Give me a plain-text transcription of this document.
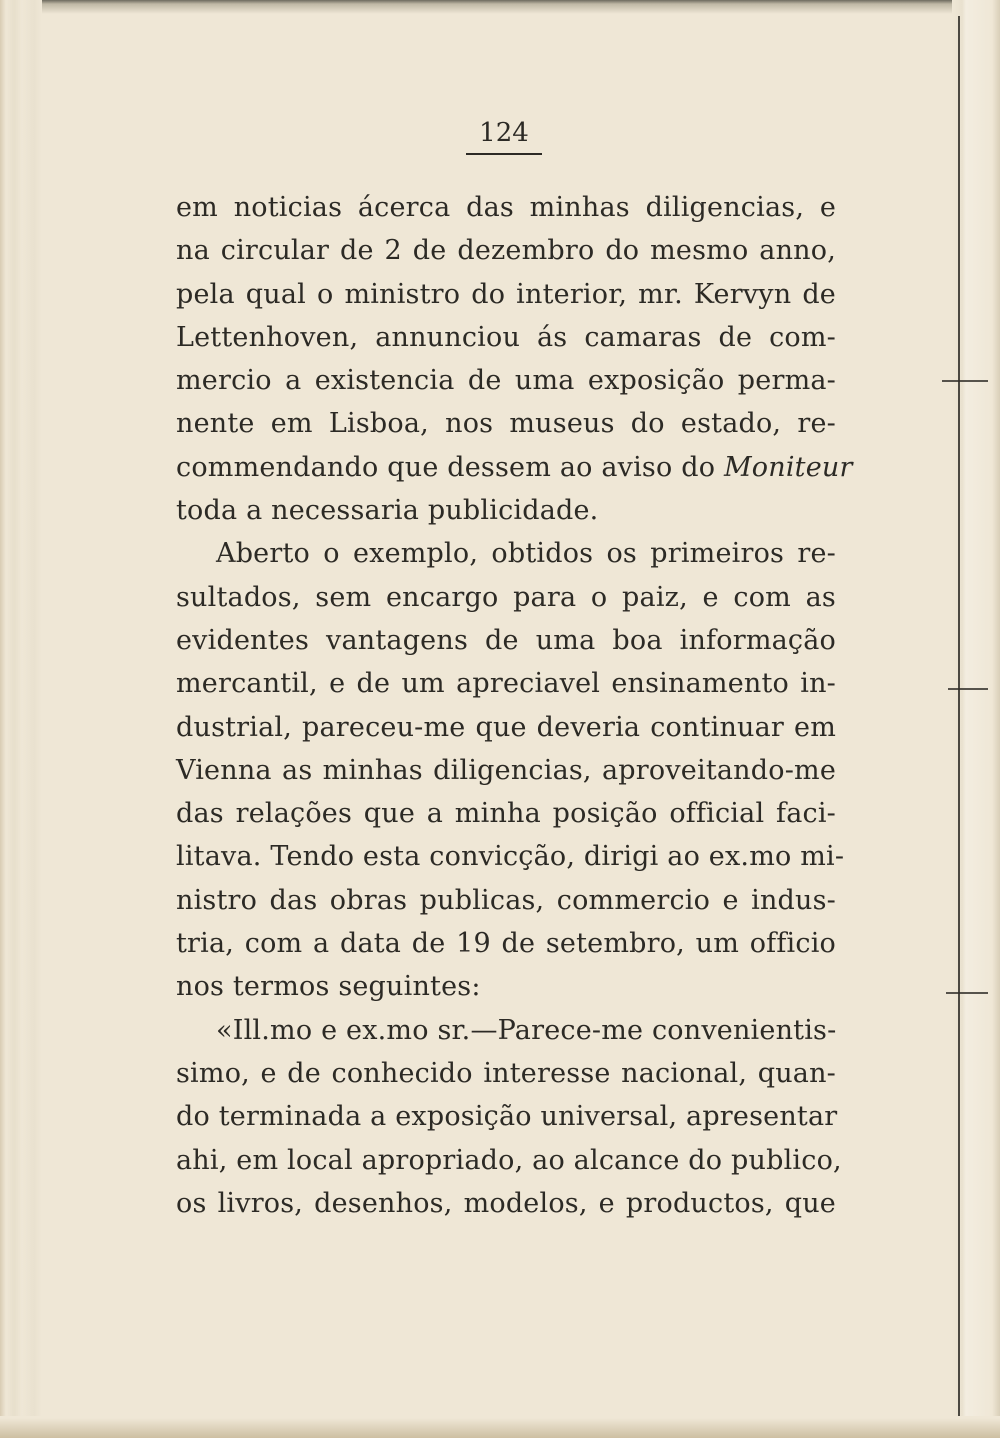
124
em noticias ácerca das minhas diligencias, e
na circular de 2 de dezembro do mesmo anno,
pela qual o ministro do interior, mr. Kervyn de
Lettenhoven, annunciou ás camaras de com-
mercio a existencia de uma exposição perma-
nente em Lisboa, nos museus do estado, re-
commendando que dessem ao aviso do Moniteur
toda a necessaria publicidade.
Aberto o exemplo, obtidos os primeiros re-
sultados, sem encargo para o paiz, e com as
evidentes vantagens de uma boa informação
mercantil, e de um apreciavel ensinamento in-
dustrial, pareceu-me que deveria continuar em
Vienna as minhas diligencias, aproveitando-me
das relações que a minha posição official faci-
litava. Tendo esta convicção, dirigi ao ex.mo mi-
nistro das obras publicas, commercio e indus-
tria, com a data de 19 de setembro, um officio
nos termos seguintes:
«Ill.mo e ex.mo sr.—Parece-me convenientis-
simo, e de conhecido interesse nacional, quan-
do terminada a exposição universal, apresentar
ahi, em local apropriado, ao alcance do publico,
os livros, desenhos, modelos, e productos, que
